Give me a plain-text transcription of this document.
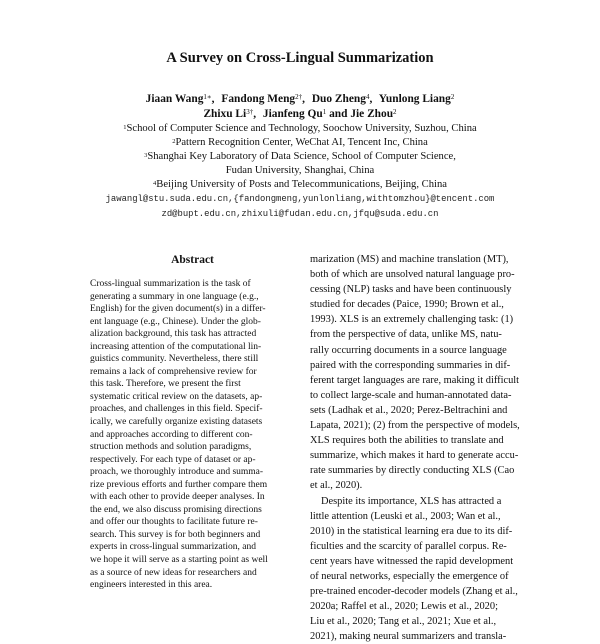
A Survey on Cross-Lingual Summarization
Jiaan Wang$^{1∗}$, Fandong Meng$^{2\dagger}$, Duo Zheng$^4$, Yunlong Liang$^2$
Zhixu $Li^{3\dagger}$, Jianfeng Qu$^1$ and Jie Zhou$^2$
$^1$School of Computer Science and Technology, Soochow University, Suzhou, China
$^2$Pattern Recognition Center, WeChat AI, Tencent Inc, China
$^3$Shanghai Key Laboratory of Data Science, School of Computer Science,
Fudan University, Shanghai, China
$^4$Beijing University of Posts and Telecommunications, Beijing, China
jawangl@stu.suda.edu.cn,{fandongmeng,yunlonliang,withtomzhou}@tencent.com
zd@bupt.edu.cn,zhixuli@fudan.edu.cn,jfqu@suda.edu.cn
Abstract
Cross-lingual summarization is the task of
generating a summary in one language (e.g.,
English) for the given document(s) in a differ-
ent language (e.g., Chinese). Under the glob-
alization background, this task has attracted
increasing attention of the computational lin-
guistics community. Nevertheless, there still
remains a lack of comprehensive review for
this task. Therefore, we present the first
systematic critical review on the datasets, ap-
proaches, and challenges in this field. Specif-
ically, we carefully organize existing datasets
and approaches according to different con-
struction methods and solution paradigms,
respectively. For each type of dataset or ap-
proach, we thoroughly introduce and summa-
rize previous efforts and further compare them
with each other to provide deeper analyses. In
the end, we also discuss promising directions
and offer our thoughts to facilitate future re-
search. This survey is for both beginners and
experts in cross-lingual summarization, and
we hope it will serve as a starting point as well
as a source of new ideas for researchers and
engineers interested in this area.
marization (MS) and machine translation (MT),
both of which are unsolved natural language pro-
cessing (NLP) tasks and have been continuously
studied for decades (Paice, 1990; Brown et al.,
1993). XLS is an extremely challenging task: (1)
from the perspective of data, unlike MS, natu-
rally occurring documents in a source language
paired with the corresponding summaries in dif-
ferent target languages are rare, making it difficult
to collect large-scale and human-annotated data-
sets (Ladhak et al., 2020; Perez-Beltrachini and
Lapata, 2021); (2) from the perspective of models,
XLS requires both the abilities to translate and
summarize, which makes it hard to generate accu-
rate summaries by directly conducting XLS (Cao
et al., 2020).
Despite its importance, XLS has attracted a
little attention (Leuski et al., 2003; Wan et al.,
2010) in the statistical learning era due to its dif-
ficulties and the scarcity of parallel corpus. Re-
cent years have witnessed the rapid development
of neural networks, especially the emergence of
pre-trained encoder-decoder models (Zhang et al.,
2020a; Raffel et al., 2020; Lewis et al., 2020;
Liu et al., 2020; Tang et al., 2021; Xue et al.,
2021), making neural summarizers and transla-
